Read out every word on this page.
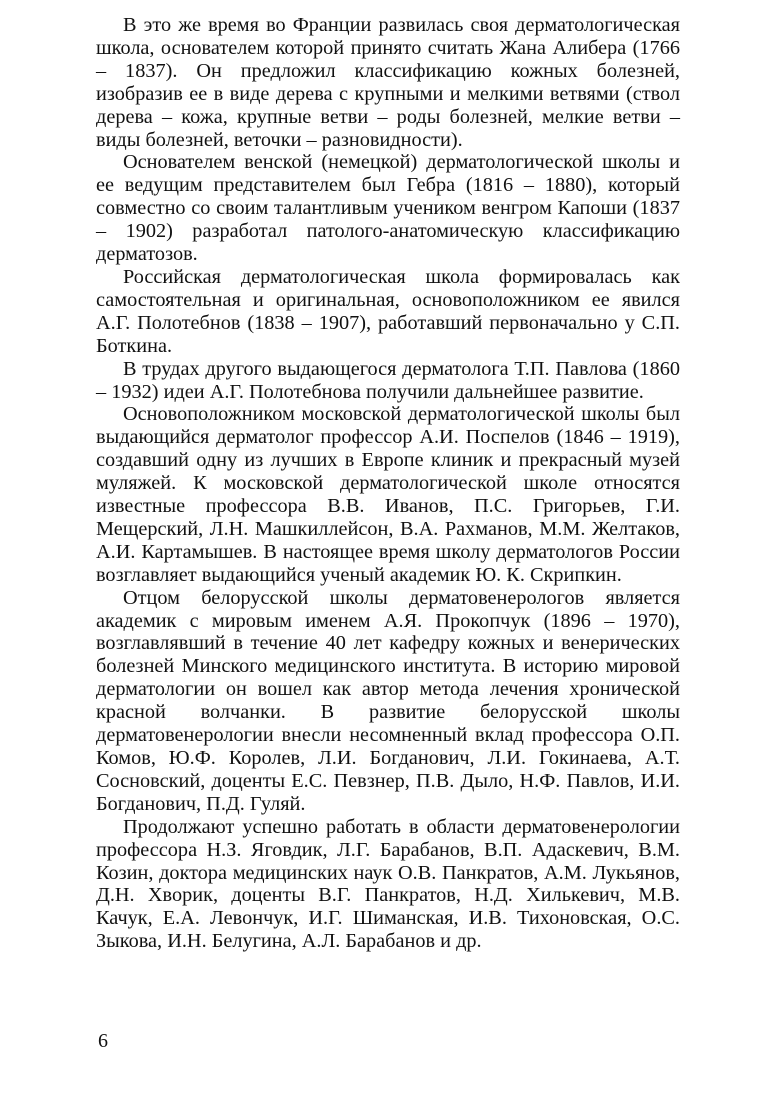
В это же время во Франции развилась своя дерматологическая школа, основателем которой принято считать Жана Алибера (1766 – 1837). Он предложил классификацию кожных болезней, изобразив ее в виде дерева с крупными и мелкими ветвями (ствол дерева – кожа, крупные ветви – роды болезней, мелкие ветви – виды болезней, веточки – разновидности).

Основателем венской (немецкой) дерматологической школы и ее ведущим представителем был Гебра (1816 – 1880), который совместно со своим талантливым учеником венгром Капоши (1837 – 1902) разработал патолого-анатомическую классификацию дерматозов.

Российская дерматологическая школа формировалась как самостоятельная и оригинальная, основоположником ее явился А.Г. Полотебнов (1838 – 1907), работавший первоначально у С.П. Боткина.

В трудах другого выдающегося дерматолога Т.П. Павлова (1860 – 1932) идеи А.Г. Полотебнова получили дальнейшее развитие.

Основоположником московской дерматологической школы был выдающийся дерматолог профессор А.И. Поспелов (1846 – 1919), создавший одну из лучших в Европе клиник и прекрасный музей муляжей. К московской дерматологической школе относятся известные профессора В.В. Иванов, П.С. Григорьев, Г.И. Мещерский, Л.Н. Машкиллейсон, В.А. Рахманов, М.М. Желтаков, А.И. Картамышев. В настоящее время школу дерматологов России возглавляет выдающийся ученый академик Ю. К. Скрипкин.

Отцом белорусской школы дерматовенерологов является академик с мировым именем А.Я. Прокопчук (1896 – 1970), возглавлявший в течение 40 лет кафедру кожных и венерических болезней Минского медицинского института. В историю мировой дерматологии он вошел как автор метода лечения хронической красной волчанки. В развитие белорусской школы дерматовенерологии внесли несомненный вклад профессора О.П. Комов, Ю.Ф. Королев, Л.И. Богданович, Л.И. Гокинаева, А.Т. Сосновский, доценты Е.С. Певзнер, П.В. Дыло, Н.Ф. Павлов, И.И. Богданович, П.Д. Гуляй.

Продолжают успешно работать в области дерматовенерологии профессора Н.З. Яговдик, Л.Г. Барабанов, В.П. Адаскевич, В.М. Козин, доктора медицинских наук О.В. Панкратов, А.М. Лукьянов, Д.Н. Хворик, доценты В.Г. Панкратов, Н.Д. Хилькевич, М.В. Качук, Е.А. Левончук, И.Г. Шиманская, И.В. Тихоновская, О.С. Зыкова, И.Н. Белугина, А.Л. Барабанов и др.

6
